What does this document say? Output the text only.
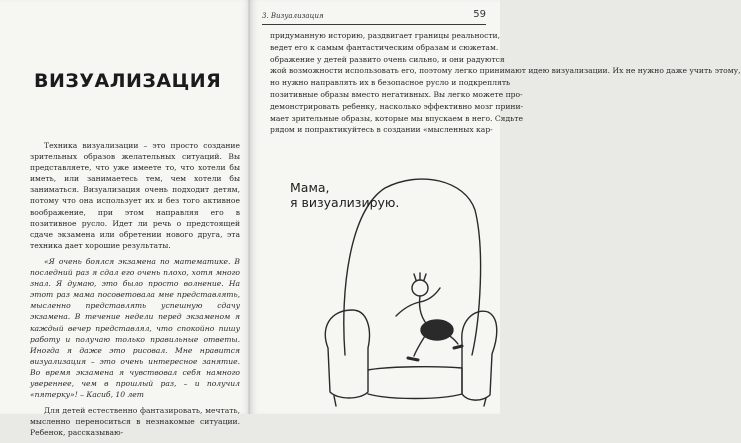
ВИЗУАЛИЗАЦИЯ

Техника визуализации – это просто создание зрительных образов желательных ситуаций. Вы представляете, что уже имеете то, что хотели бы иметь, или занимаетесь тем, чем хотели бы заниматься. Визуализация очень подходит детям, потому что она использует их и без того активное воображение, при этом направляя его в позитивное русло. Идет ли речь о предстоящей сдаче экзамена или обретении нового друга, эта техника дает хорошие результаты.

«Я очень боялся экзамена по математике. В последний раз я сдал его очень плохо, хотя много знал. Я думаю, это было просто волнение. На этот раз мама посоветовала мне представлять, мысленно представлять успешную сдачу экзамена. В течение недели перед экзаменом я каждый вечер представлял, что спокойно пишу работу и получаю только правильные ответы. Иногда я даже это рисовал. Мне нравится визуализация – это очень интересное занятие. Во время экзамена я чувствовал себя намного увереннее, чем в прошлый раз, – и получил «пятерку»! – Касиб, 10 лет

Для детей естественно фантазировать, мечтать, мысленно переноситься в незнакомые ситуации. Ребенок, рассказываю-

3. Визуализация	59
придуманную историю, раздвигает границы реальности,
ведет его к самым фантастическим образам и сюжетам.
ображение у детей развито очень сильно, и они радуются
жой возможности использовать его, поэтому легко принимают идею визуализации. Их не нужно даже учить этому,
но нужно направлять их в безопасное русло и подкреплять
позитивные образы вместо негативных. Вы легко можете про-
демонстрировать ребенку, насколько эффективно мозг прини-
мает зрительные образы, которые мы впускаем в него. Сядьте
рядом и попрактикуйтесь в создании «мысленных кар-
Мама,
я визуализирую.
